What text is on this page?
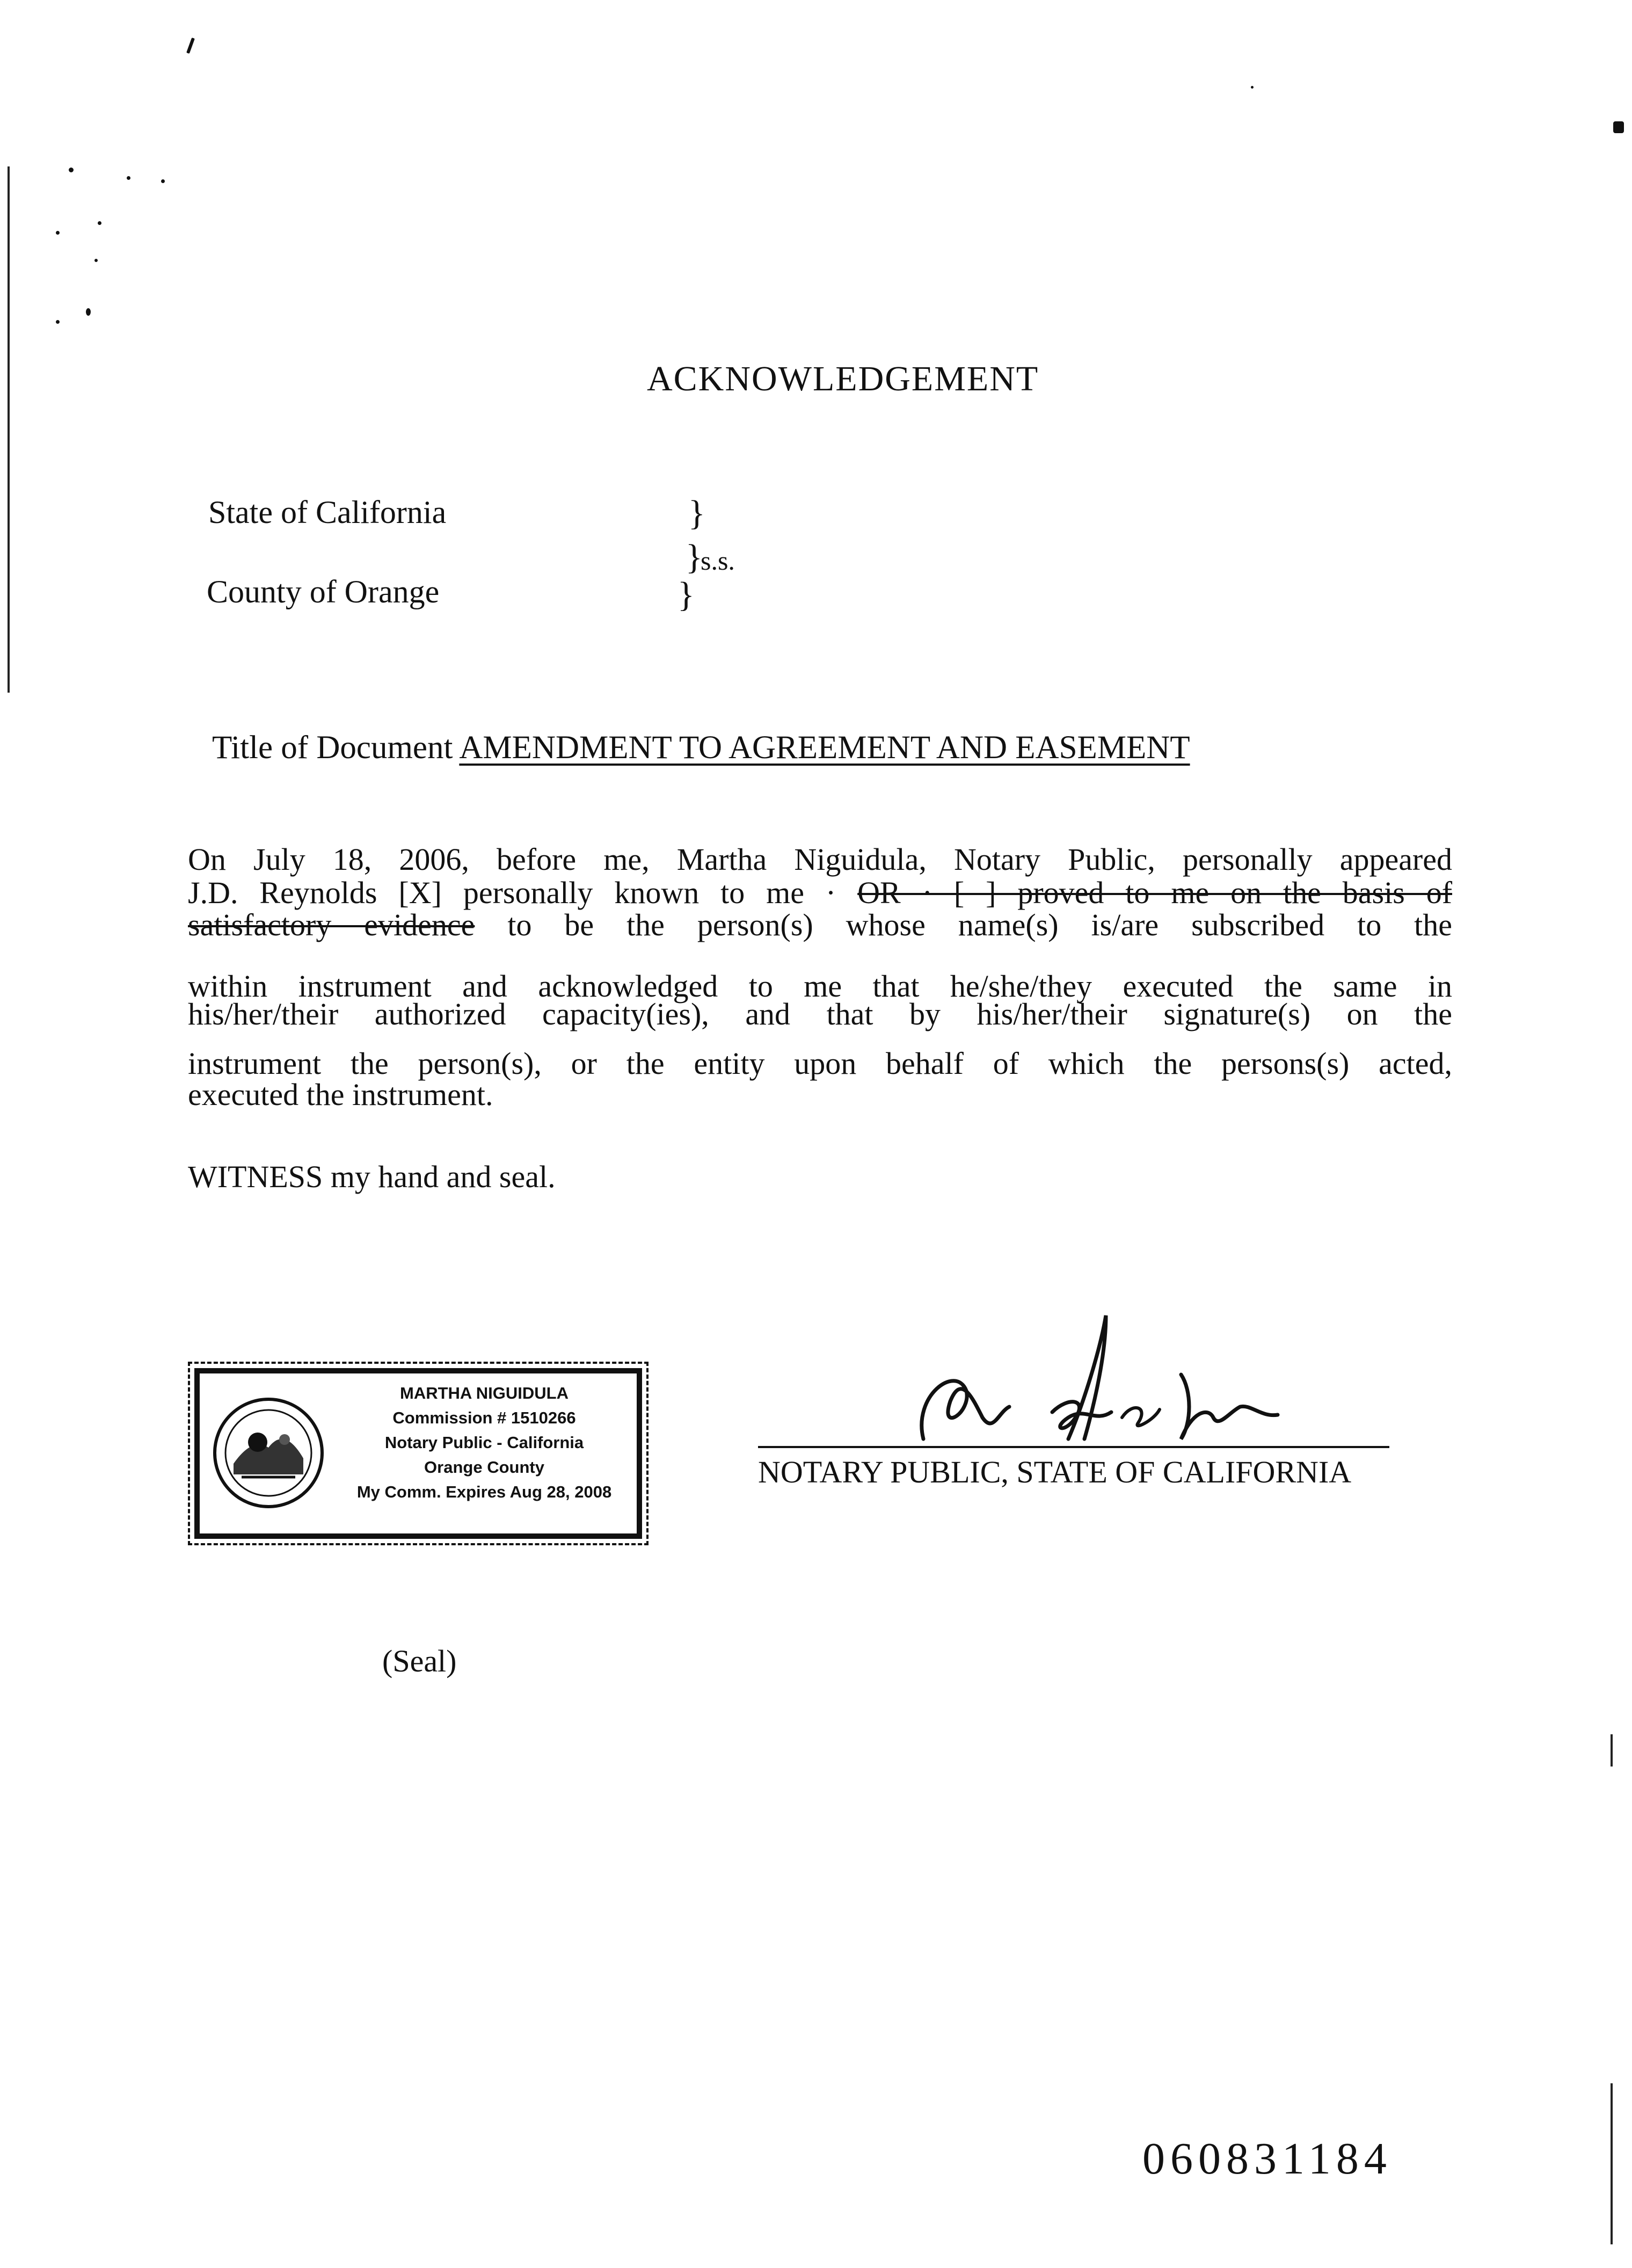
ACKNOWLEDGEMENT
State of California
County of Orange
}
}
s.s.
}
Title of Document AMENDMENT TO AGREEMENT AND EASEMENT
On July 18, 2006, before me, Martha Niguidula, Notary Public, personally appeared
J.D. Reynolds [X] personally known to me · OR · [ ] proved to me on the basis of
satisfactory evidence to be the person(s) whose name(s) is/are subscribed to the
within instrument and acknowledged to me that he/she/they executed the same in
his/her/their authorized capacity(ies), and that by his/her/their signature(s) on the
instrument the person(s), or the entity upon behalf of which the persons(s) acted,
executed the instrument.
WITNESS my hand and seal.
MARTHA NIGUIDULA
Commission # 1510266
Notary Public - California
Orange County
My Comm. Expires Aug 28, 2008
NOTARY PUBLIC, STATE OF CALIFORNIA
(Seal)
060831184
